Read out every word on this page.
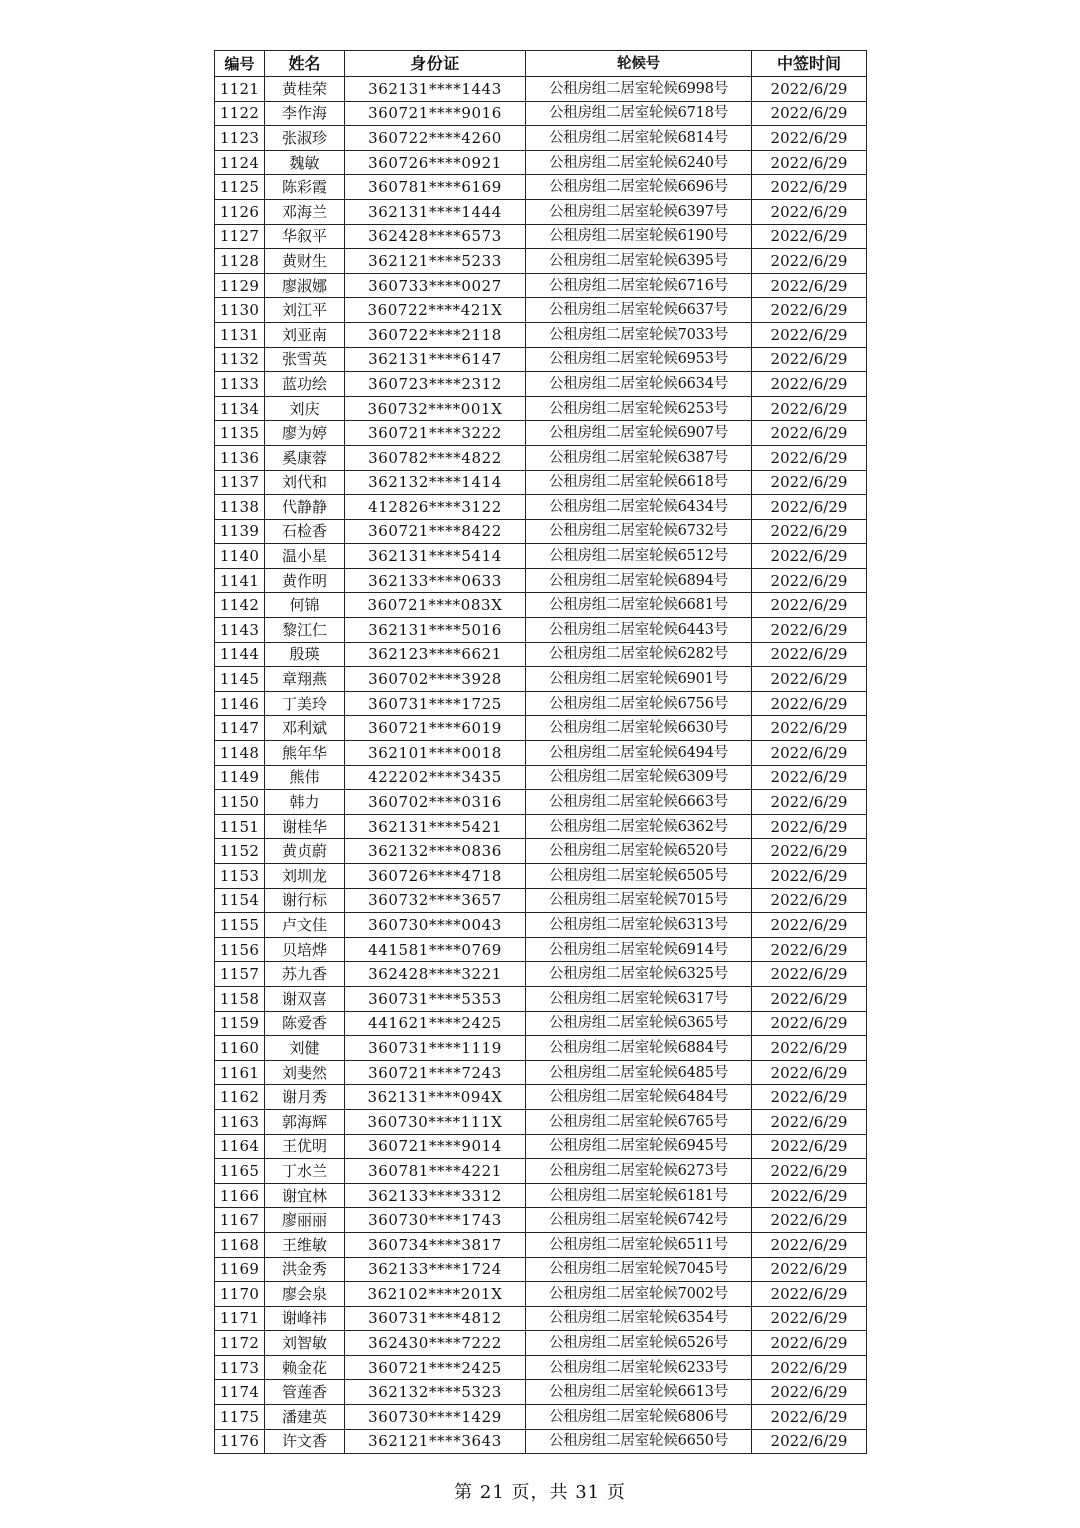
编号	姓名	身份证	轮候号	中签时间
1121	黄桂荣	362131****1443	公租房组二居室轮候6998号	2022/6/29
1122	李作海	360721****9016	公租房组二居室轮候6718号	2022/6/29
1123	张淑珍	360722****4260	公租房组二居室轮候6814号	2022/6/29
1124	魏敏	360726****0921	公租房组二居室轮候6240号	2022/6/29
1125	陈彩霞	360781****6169	公租房组二居室轮候6696号	2022/6/29
1126	邓海兰	362131****1444	公租房组二居室轮候6397号	2022/6/29
1127	华叙平	362428****6573	公租房组二居室轮候6190号	2022/6/29
1128	黄财生	362121****5233	公租房组二居室轮候6395号	2022/6/29
1129	廖淑娜	360733****0027	公租房组二居室轮候6716号	2022/6/29
1130	刘江平	360722****421X	公租房组二居室轮候6637号	2022/6/29
1131	刘亚南	360722****2118	公租房组二居室轮候7033号	2022/6/29
1132	张雪英	362131****6147	公租房组二居室轮候6953号	2022/6/29
1133	蓝功绘	360723****2312	公租房组二居室轮候6634号	2022/6/29
1134	刘庆	360732****001X	公租房组二居室轮候6253号	2022/6/29
1135	廖为婷	360721****3222	公租房组二居室轮候6907号	2022/6/29
1136	奚康蓉	360782****4822	公租房组二居室轮候6387号	2022/6/29
1137	刘代和	362132****1414	公租房组二居室轮候6618号	2022/6/29
1138	代静静	412826****3122	公租房组二居室轮候6434号	2022/6/29
1139	石检香	360721****8422	公租房组二居室轮候6732号	2022/6/29
1140	温小星	362131****5414	公租房组二居室轮候6512号	2022/6/29
1141	黄作明	362133****0633	公租房组二居室轮候6894号	2022/6/29
1142	何锦	360721****083X	公租房组二居室轮候6681号	2022/6/29
1143	黎江仁	362131****5016	公租房组二居室轮候6443号	2022/6/29
1144	殷瑛	362123****6621	公租房组二居室轮候6282号	2022/6/29
1145	章翔燕	360702****3928	公租房组二居室轮候6901号	2022/6/29
1146	丁美玲	360731****1725	公租房组二居室轮候6756号	2022/6/29
1147	邓利斌	360721****6019	公租房组二居室轮候6630号	2022/6/29
1148	熊年华	362101****0018	公租房组二居室轮候6494号	2022/6/29
1149	熊伟	422202****3435	公租房组二居室轮候6309号	2022/6/29
1150	韩力	360702****0316	公租房组二居室轮候6663号	2022/6/29
1151	谢桂华	362131****5421	公租房组二居室轮候6362号	2022/6/29
1152	黄贞蔚	362132****0836	公租房组二居室轮候6520号	2022/6/29
1153	刘圳龙	360726****4718	公租房组二居室轮候6505号	2022/6/29
1154	谢行标	360732****3657	公租房组二居室轮候7015号	2022/6/29
1155	卢文佳	360730****0043	公租房组二居室轮候6313号	2022/6/29
1156	贝培烨	441581****0769	公租房组二居室轮候6914号	2022/6/29
1157	苏九香	362428****3221	公租房组二居室轮候6325号	2022/6/29
1158	谢双喜	360731****5353	公租房组二居室轮候6317号	2022/6/29
1159	陈爱香	441621****2425	公租房组二居室轮候6365号	2022/6/29
1160	刘健	360731****1119	公租房组二居室轮候6884号	2022/6/29
1161	刘斐然	360721****7243	公租房组二居室轮候6485号	2022/6/29
1162	谢月秀	362131****094X	公租房组二居室轮候6484号	2022/6/29
1163	郭海辉	360730****111X	公租房组二居室轮候6765号	2022/6/29
1164	王优明	360721****9014	公租房组二居室轮候6945号	2022/6/29
1165	丁水兰	360781****4221	公租房组二居室轮候6273号	2022/6/29
1166	谢宜林	362133****3312	公租房组二居室轮候6181号	2022/6/29
1167	廖丽丽	360730****1743	公租房组二居室轮候6742号	2022/6/29
1168	王维敏	360734****3817	公租房组二居室轮候6511号	2022/6/29
1169	洪金秀	362133****1724	公租房组二居室轮候7045号	2022/6/29
1170	廖会泉	362102****201X	公租房组二居室轮候7002号	2022/6/29
1171	谢峰祎	360731****4812	公租房组二居室轮候6354号	2022/6/29
1172	刘智敏	362430****7222	公租房组二居室轮候6526号	2022/6/29
1173	赖金花	360721****2425	公租房组二居室轮候6233号	2022/6/29
1174	管莲香	362132****5323	公租房组二居室轮候6613号	2022/6/29
1175	潘建英	360730****1429	公租房组二居室轮候6806号	2022/6/29
1176	许文香	362121****3643	公租房组二居室轮候6650号	2022/6/29
第 21 页，共 31 页
